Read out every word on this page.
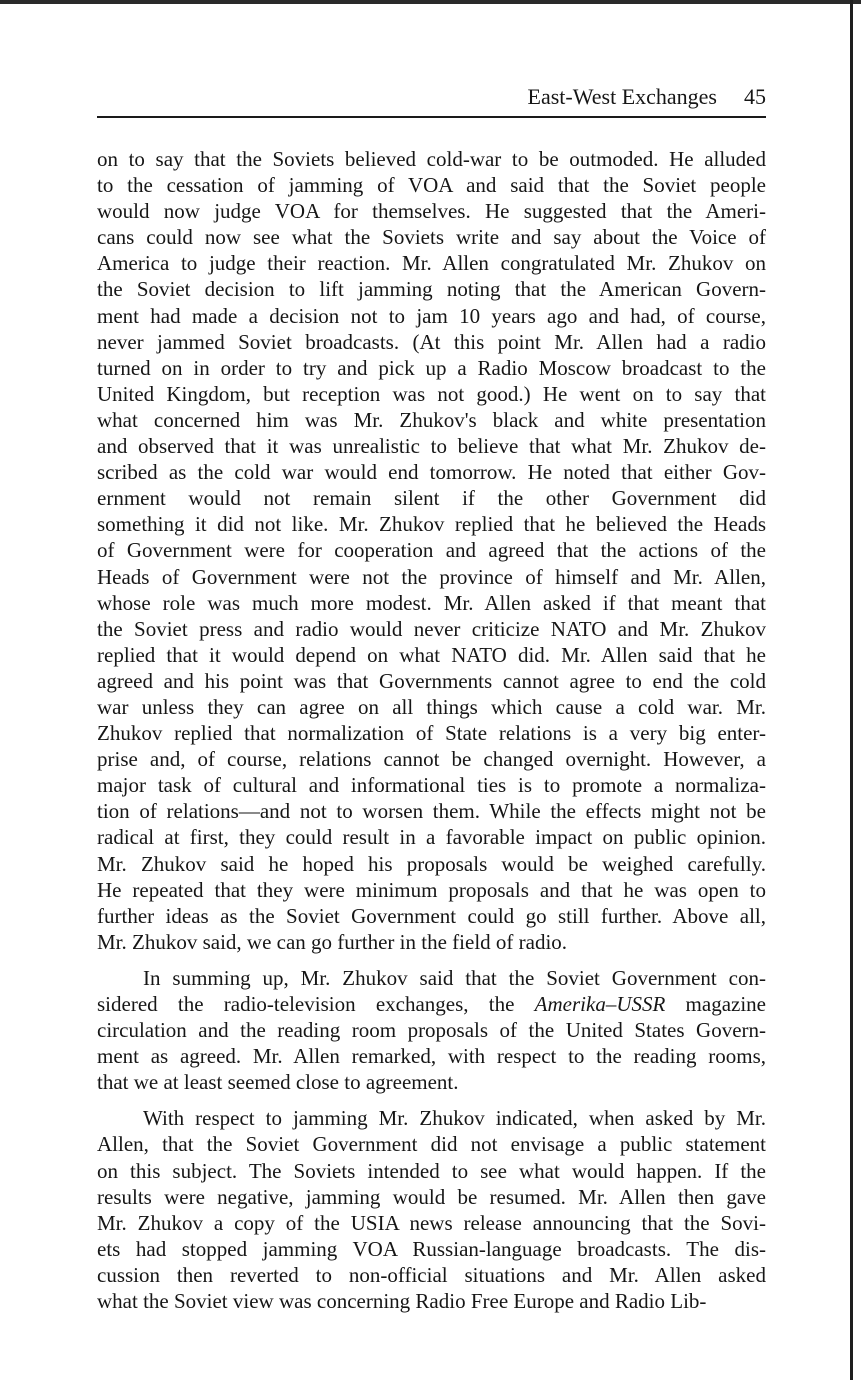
East-West Exchanges 45

on to say that the Soviets believed cold-war to be outmoded. He alluded
to the cessation of jamming of VOA and said that the Soviet people
would now judge VOA for themselves. He suggested that the Ameri-
cans could now see what the Soviets write and say about the Voice of
America to judge their reaction. Mr. Allen congratulated Mr. Zhukov on
the Soviet decision to lift jamming noting that the American Govern-
ment had made a decision not to jam 10 years ago and had, of course,
never jammed Soviet broadcasts. (At this point Mr. Allen had a radio
turned on in order to try and pick up a Radio Moscow broadcast to the
United Kingdom, but reception was not good.) He went on to say that
what concerned him was Mr. Zhukov's black and white presentation
and observed that it was unrealistic to believe that what Mr. Zhukov de-
scribed as the cold war would end tomorrow. He noted that either Gov-
ernment would not remain silent if the other Government did
something it did not like. Mr. Zhukov replied that he believed the Heads
of Government were for cooperation and agreed that the actions of the
Heads of Government were not the province of himself and Mr. Allen,
whose role was much more modest. Mr. Allen asked if that meant that
the Soviet press and radio would never criticize NATO and Mr. Zhukov
replied that it would depend on what NATO did. Mr. Allen said that he
agreed and his point was that Governments cannot agree to end the cold
war unless they can agree on all things which cause a cold war. Mr.
Zhukov replied that normalization of State relations is a very big enter-
prise and, of course, relations cannot be changed overnight. However, a
major task of cultural and informational ties is to promote a normaliza-
tion of relations—and not to worsen them. While the effects might not be
radical at first, they could result in a favorable impact on public opinion.
Mr. Zhukov said he hoped his proposals would be weighed carefully.
He repeated that they were minimum proposals and that he was open to
further ideas as the Soviet Government could go still further. Above all,
Mr. Zhukov said, we can go further in the field of radio.

In summing up, Mr. Zhukov said that the Soviet Government con-
sidered the radio-television exchanges, the Amerika–USSR magazine
circulation and the reading room proposals of the United States Govern-
ment as agreed. Mr. Allen remarked, with respect to the reading rooms,
that we at least seemed close to agreement.

With respect to jamming Mr. Zhukov indicated, when asked by Mr.
Allen, that the Soviet Government did not envisage a public statement
on this subject. The Soviets intended to see what would happen. If the
results were negative, jamming would be resumed. Mr. Allen then gave
Mr. Zhukov a copy of the USIA news release announcing that the Sovi-
ets had stopped jamming VOA Russian-language broadcasts. The dis-
cussion then reverted to non-official situations and Mr. Allen asked
what the Soviet view was concerning Radio Free Europe and Radio Lib-
